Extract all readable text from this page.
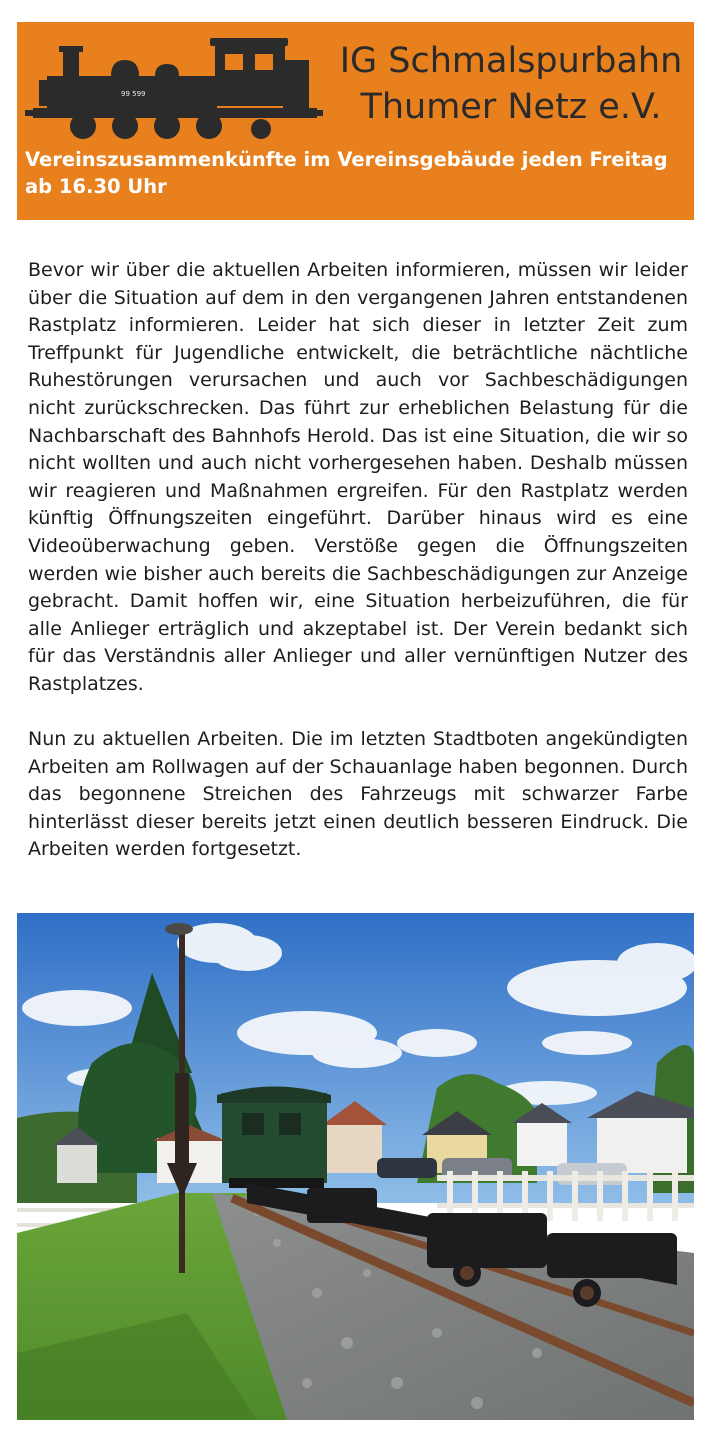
99 599
IG Schmalspurbahn
Thumer Netz e.V.
Vereinszusammenkünfte im Vereinsgebäude jeden Freitag
ab 16.30 Uhr

Bevor wir über die aktuellen Arbeiten informieren, müssen wir leider über die Situation auf dem in den vergangenen Jahren entstandenen Rastplatz informieren. Leider hat sich dieser in letzter Zeit zum Treffpunkt für Jugendliche entwickelt, die beträchtliche nächtliche Ruhestörungen verursachen und auch vor Sachbeschädigungen nicht zurückschrecken. Das führt zur erheblichen Belastung für die Nachbarschaft des Bahnhofs Herold. Das ist eine Situation, die wir so nicht wollten und auch nicht vorhergesehen haben. Deshalb müssen wir reagieren und Maßnahmen ergreifen. Für den Rastplatz werden künftig Öffnungszeiten eingeführt. Darüber hinaus wird es eine Videoüberwachung geben. Verstöße gegen die Öffnungszeiten werden wie bisher auch bereits die Sachbeschädigungen zur Anzeige gebracht. Damit hoffen wir, eine Situation herbeizuführen, die für alle Anlieger erträglich und akzeptabel ist. Der Verein bedankt sich für das Verständnis aller Anlieger und aller vernünftigen Nutzer des Rastplatzes.

Nun zu aktuellen Arbeiten. Die im letzten Stadtboten angekündigten Arbeiten am Rollwagen auf der Schauanlage haben begonnen. Durch das begonnene Streichen des Fahrzeugs mit schwarzer Farbe hinterlässt dieser bereits jetzt einen deutlich besseren Eindruck. Die Arbeiten werden fortgesetzt.
